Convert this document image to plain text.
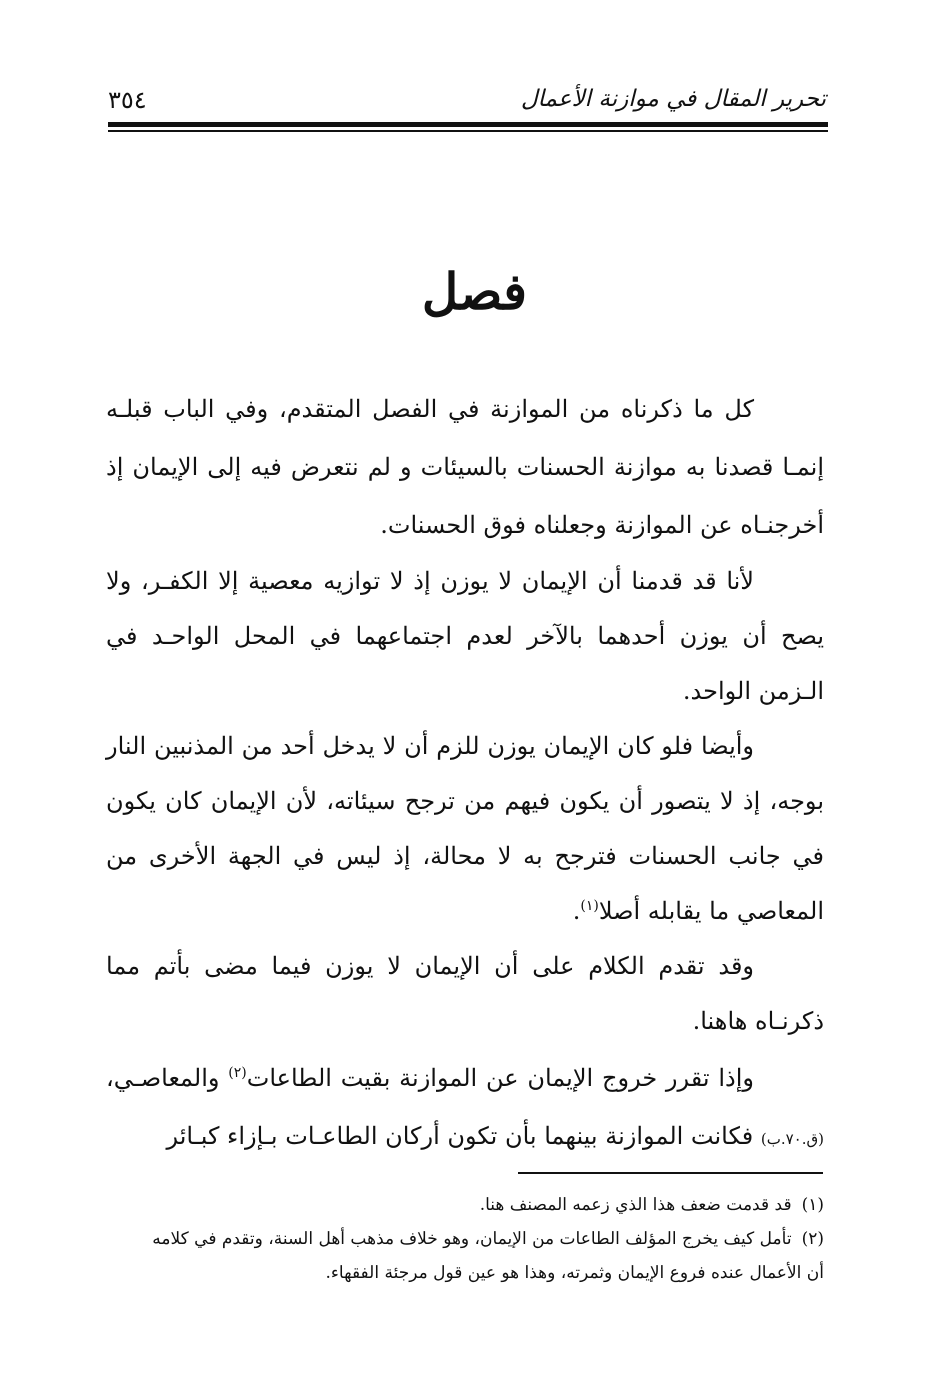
تحرير المقال في موازنة الأعمال
٣٥٤
فصل

كل ما ذكرناه من الموازنة في الفصل المتقدم، وفي الباب قبلـه إنمـا قصدنا به موازنة الحسنات بالسيئات و لم نتعرض فيه إلى الإيمان إذ أخرجنـاه عن الموازنة وجعلناه فوق الحسنات.

لأنا قد قدمنا أن الإيمان لا يوزن إذ لا توازيه معصية إلا الكفـر، ولا يصح أن يوزن أحدهما بالآخر لعدم اجتماعهما في المحل الواحـد في الـزمن الواحد.

وأيضا فلو كان الإيمان يوزن للزم أن لا يدخل أحد من المذنبين النار بوجه، إذ لا يتصور أن يكون فيهم من ترجح سيئاته، لأن الإيمان كان يكون في جانب الحسنات فترجح به لا محالة، إذ ليس في الجهة الأخرى من المعاصي ما يقابله أصلا$^{(١)}$.

وقد تقدم الكلام على أن الإيمان لا يوزن فيما مضى بأتم مما ذكرنـاه هاهنا.

وإذا تقرر خروج الإيمان عن الموازنة بقيت الطاعات$^{(٢)}$ والمعاصـي، (ق.٧٠.ب) فكانت الموازنة بينهما بأن تكون أركان الطاعـات بـإزاء كبـائر

(١)قد قدمت ضعف هذا الذي زعمه المصنف هنا.

(٢)تأمل كيف يخرج المؤلف الطاعات من الإيمان، وهو خلاف مذهب أهل السنة، وتقدم في كلامه
أن الأعمال عنده فروع الإيمان وثمرته، وهذا هو عين قول مرجئة الفقهاء.
